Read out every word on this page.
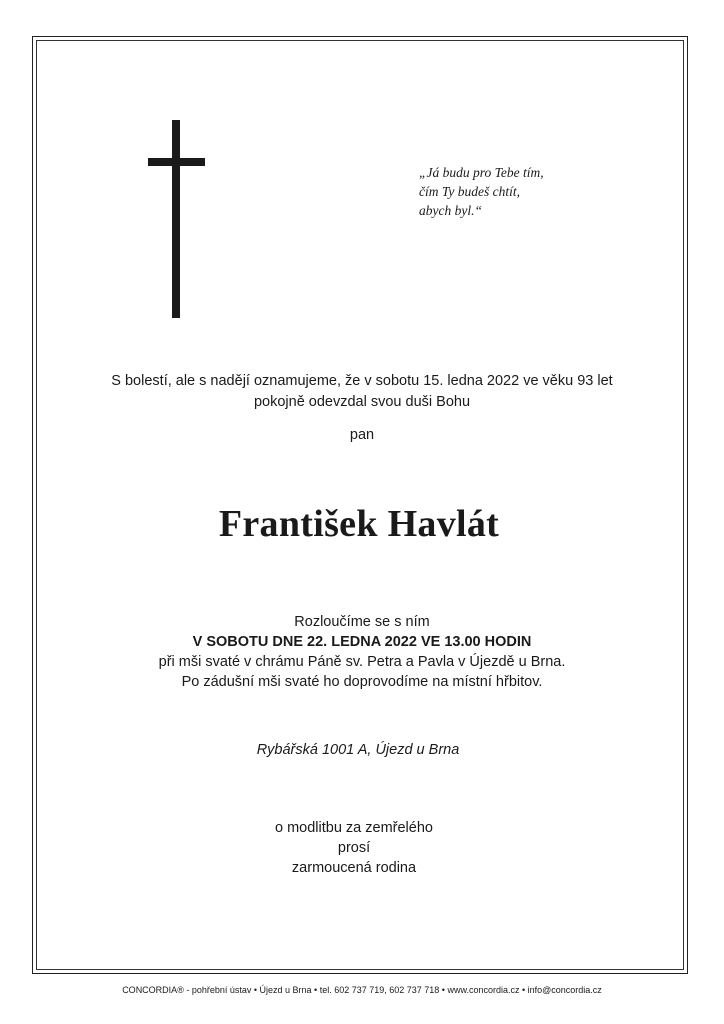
„Já budu pro Tebe tím,
čím Ty budeš chtít,
abych byl.“
S bolestí, ale s nadějí oznamujeme, že v sobotu 15. ledna 2022 ve věku 93 let
pokojně odevzdal svou duši Bohu
pan
František Havlát
Rozloučíme se s ním
V SOBOTU DNE 22. LEDNA 2022 VE 13.00 HODIN
při mši svaté v chrámu Páně sv. Petra a Pavla v Újezdě u Brna.
Po zádušní mši svaté ho doprovodíme na místní hřbitov.
Rybářská 1001 A, Újezd u Brna
o modlitbu za zemřelého
prosí
zarmoucená rodina
CONCORDIA® - pohřební ústav • Újezd u Brna • tel. 602 737 719, 602 737 718 • www.concordia.cz • info@concordia.cz
